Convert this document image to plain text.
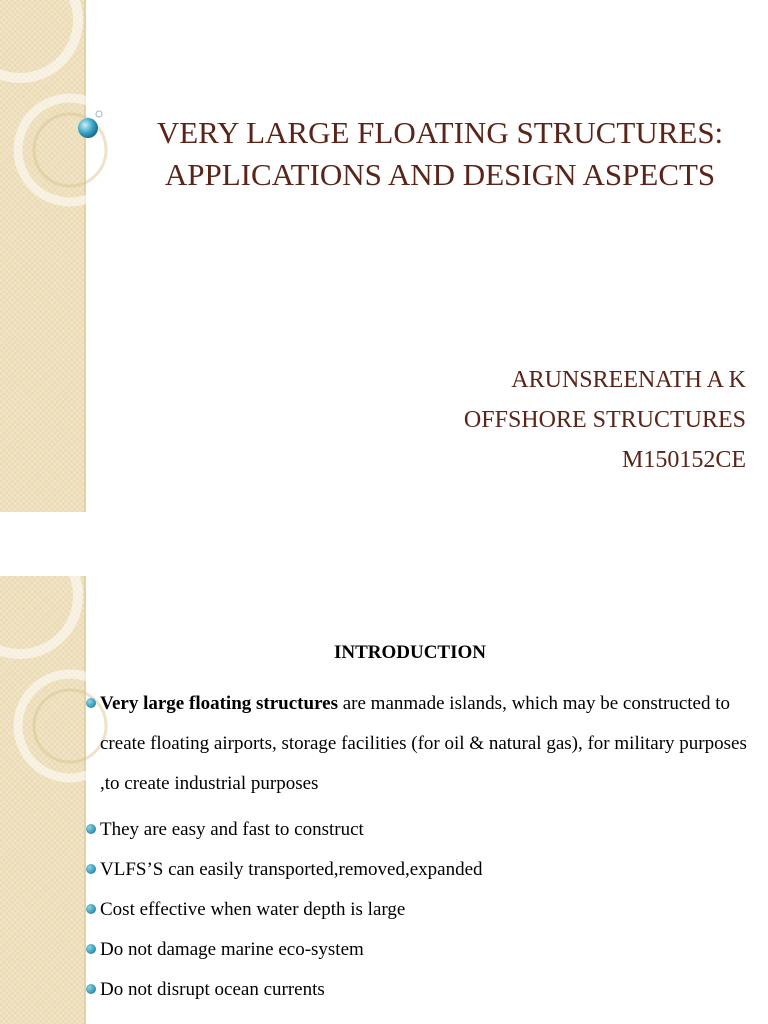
VERY LARGE FLOATING STRUCTURES:
APPLICATIONS AND DESIGN ASPECTS
ARUNSREENATH A K
OFFSHORE STRUCTURES
M150152CE
INTRODUCTION
Very large floating structures are manmade islands, which may be constructed to create floating airports, storage facilities (for oil & natural gas), for military purposes ,to create industrial purposes
They are easy and fast to construct
VLFS’S can easily transported,removed,expanded
Cost effective when water depth is large
Do not damage marine eco-system
Do not disrupt ocean currents
